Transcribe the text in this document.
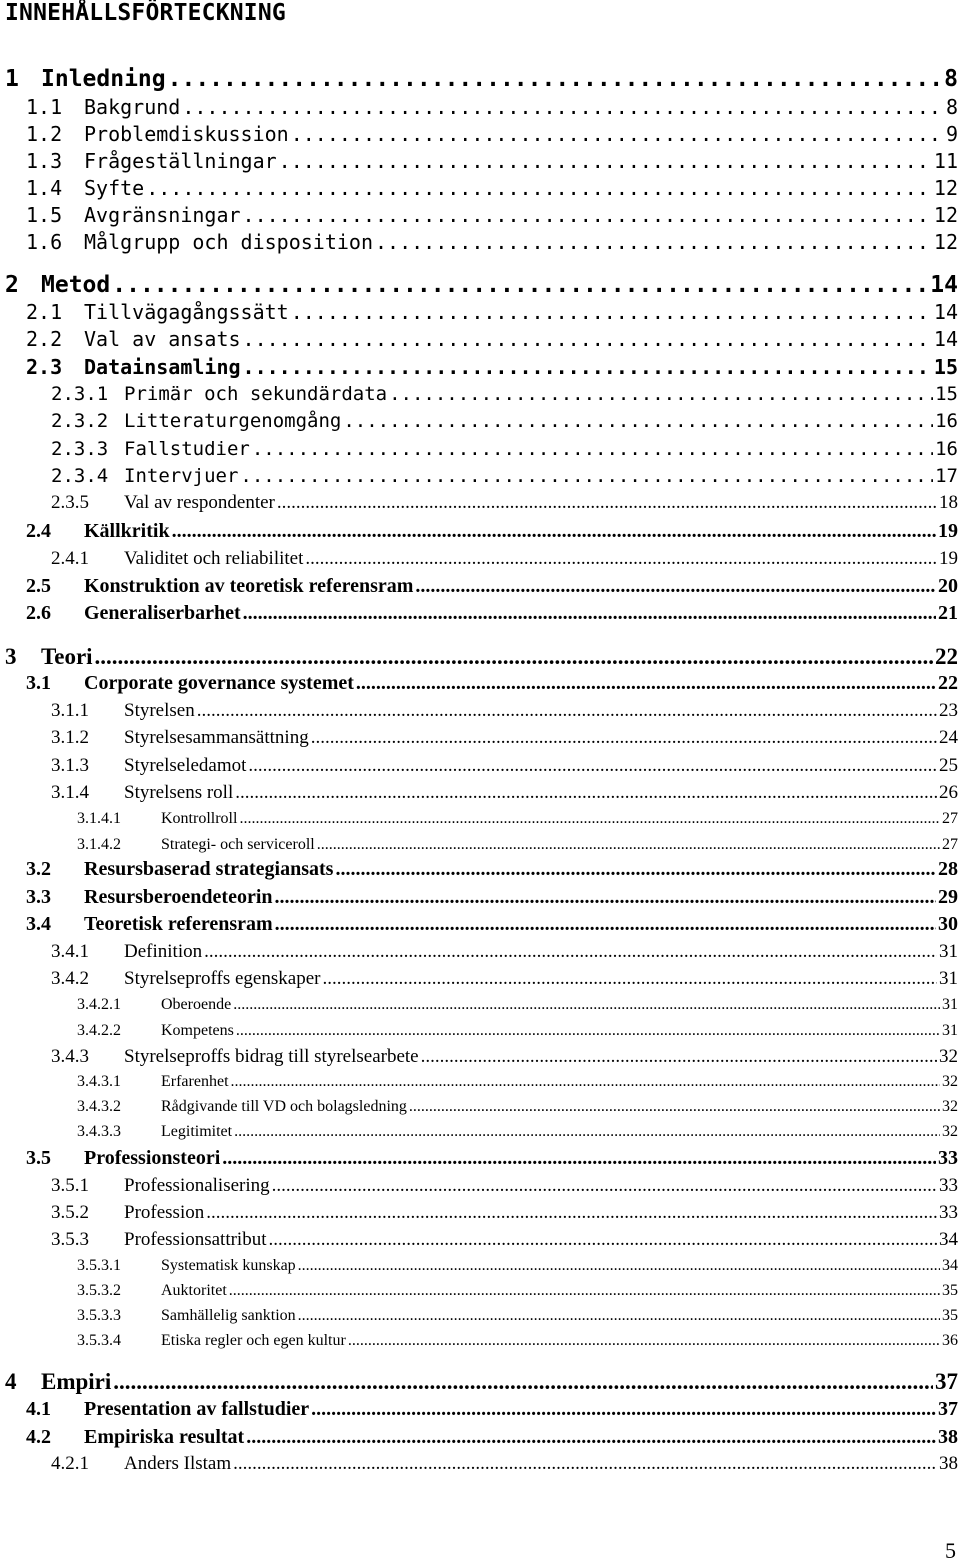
INNEHÅLLSFÖRTECKNING
1 Inledning .....	8
1.1	Bakgrund .....	8
1.2	Problemdiskussion .....	9
1.3	Frågeställningar .....	11
1.4	Syfte .....	12
1.5	Avgränsningar .....	12
1.6	Målgrupp och disposition .....	12
2 Metod .....	14
2.1	Tillvägagångssätt .....	14
2.2	Val av ansats .....	14
2.3	Datainsamling .....	15
2.3.1 Primär och sekundärdata .....	15
2.3.2 Litteraturgenomgång .....	16
2.3.3 Fallstudier .....	16
2.3.4 Intervjuer .....	17
2.3.5	Val av respondenter .....	18
2.4	Källkritik .....	19
2.4.1	Validitet och reliabilitet .....	19
2.5	Konstruktion av teoretisk referensram .....	20
2.6	Generaliserbarhet .....	21
3	Teori .....	22
3.1	Corporate governance systemet .....	22
3.1.1	Styrelsen .....	23
3.1.2	Styrelsesammansättning .....	24
3.1.3	Styrelseledamot .....	25
3.1.4	Styrelsens roll .....	26
3.1.4.1	Kontrollroll .....	27
3.1.4.2	Strategi- och serviceroll .....	27
3.2	Resursbaserad strategiansats .....	28
3.3	Resursberoendeteorin .....	29
3.4	Teoretisk referensram .....	30
3.4.1	Definition .....	31
3.4.2	Styrelseproffs egenskaper .....	31
3.4.2.1	Oberoende .....	31
3.4.2.2	Kompetens .....	31
3.4.3	Styrelseproffs bidrag till styrelsearbete .....	32
3.4.3.1	Erfarenhet .....	32
3.4.3.2	Rådgivande till VD och bolagsledning .....	32
3.4.3.3	Legitimitet .....	32
3.5	Professionsteori .....	33
3.5.1	Professionalisering .....	33
3.5.2	Profession .....	33
3.5.3	Professionsattribut .....	34
3.5.3.1	Systematisk kunskap .....	34
3.5.3.2	Auktoritet .....	35
3.5.3.3	Samhällelig sanktion .....	35
3.5.3.4	Etiska regler och egen kultur .....	36
4	Empiri .....	37
4.1	Presentation av fallstudier .....	37
4.2	Empiriska resultat .....	38
4.2.1	Anders Ilstam .....	38
5
